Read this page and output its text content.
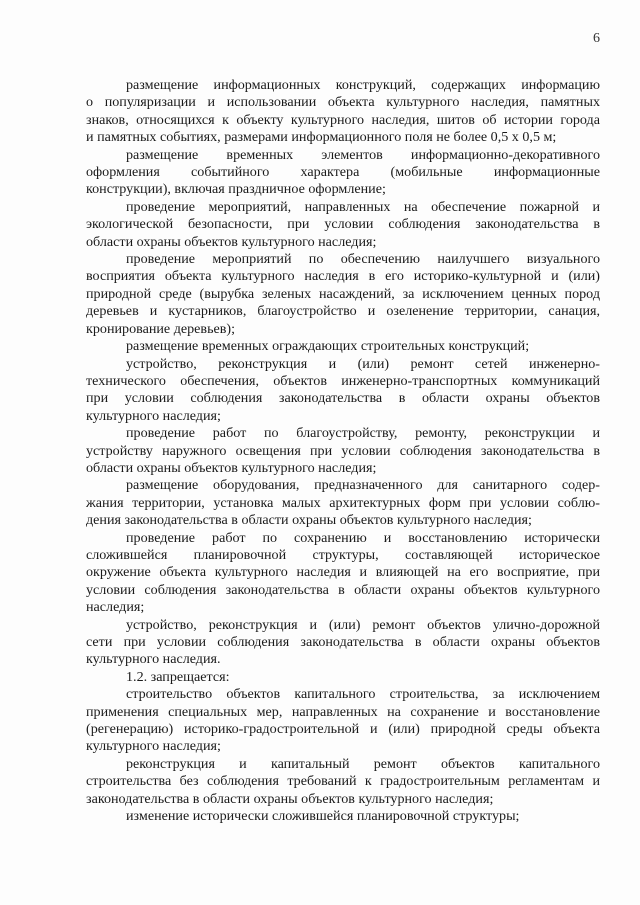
6
размещение информационных конструкций, содержащих информацию
о популяризации и использовании объекта культурного наследия, памятных
знаков, относящихся к объекту культурного наследия, шитов об истории города
и памятных событиях, размерами информационного поля не более 0,5 х 0,5 м;
размещение временных элементов информационно-декоративного
оформления событийного характера (мобильные информационные
конструкции), включая праздничное оформление;
проведение мероприятий, направленных на обеспечение пожарной и
экологической безопасности, при условии соблюдения законодательства в
области охраны объектов культурного наследия;
проведение мероприятий по обеспечению наилучшего визуального
восприятия объекта культурного наследия в его историко-культурной и (или)
природной среде (вырубка зеленых насаждений, за исключением ценных пород
деревьев и кустарников, благоустройство и озеленение территории, санация,
кронирование деревьев);
размещение временных ограждающих строительных конструкций;
устройство, реконструкция и (или) ремонт сетей инженерно-
технического обеспечения, объектов инженерно-транспортных коммуникаций
при условии соблюдения законодательства в области охраны объектов
культурного наследия;
проведение работ по благоустройству, ремонту, реконструкции и
устройству наружного освещения при условии соблюдения законодательства в
области охраны объектов культурного наследия;
размещение оборудования, предназначенного для санитарного содер-
жания территории, установка малых архитектурных форм при условии соблю-
дения законодательства в области охраны объектов культурного наследия;
проведение работ по сохранению и восстановлению исторически
сложившейся планировочной структуры, составляющей историческое
окружение объекта культурного наследия и влияющей на его восприятие, при
условии соблюдения законодательства в области охраны объектов культурного
наследия;
устройство, реконструкция и (или) ремонт объектов улично-дорожной
сети при условии соблюдения законодательства в области охраны объектов
культурного наследия.
1.2. запрещается:
строительство объектов капитального строительства, за исключением
применения специальных мер, направленных на сохранение и восстановление
(регенерацию) историко-градостроительной и (или) природной среды объекта
культурного наследия;
реконструкция и капитальный ремонт объектов капитального
строительства без соблюдения требований к градостроительным регламентам и
законодательства в области охраны объектов культурного наследия;
изменение исторически сложившейся планировочной структуры;
